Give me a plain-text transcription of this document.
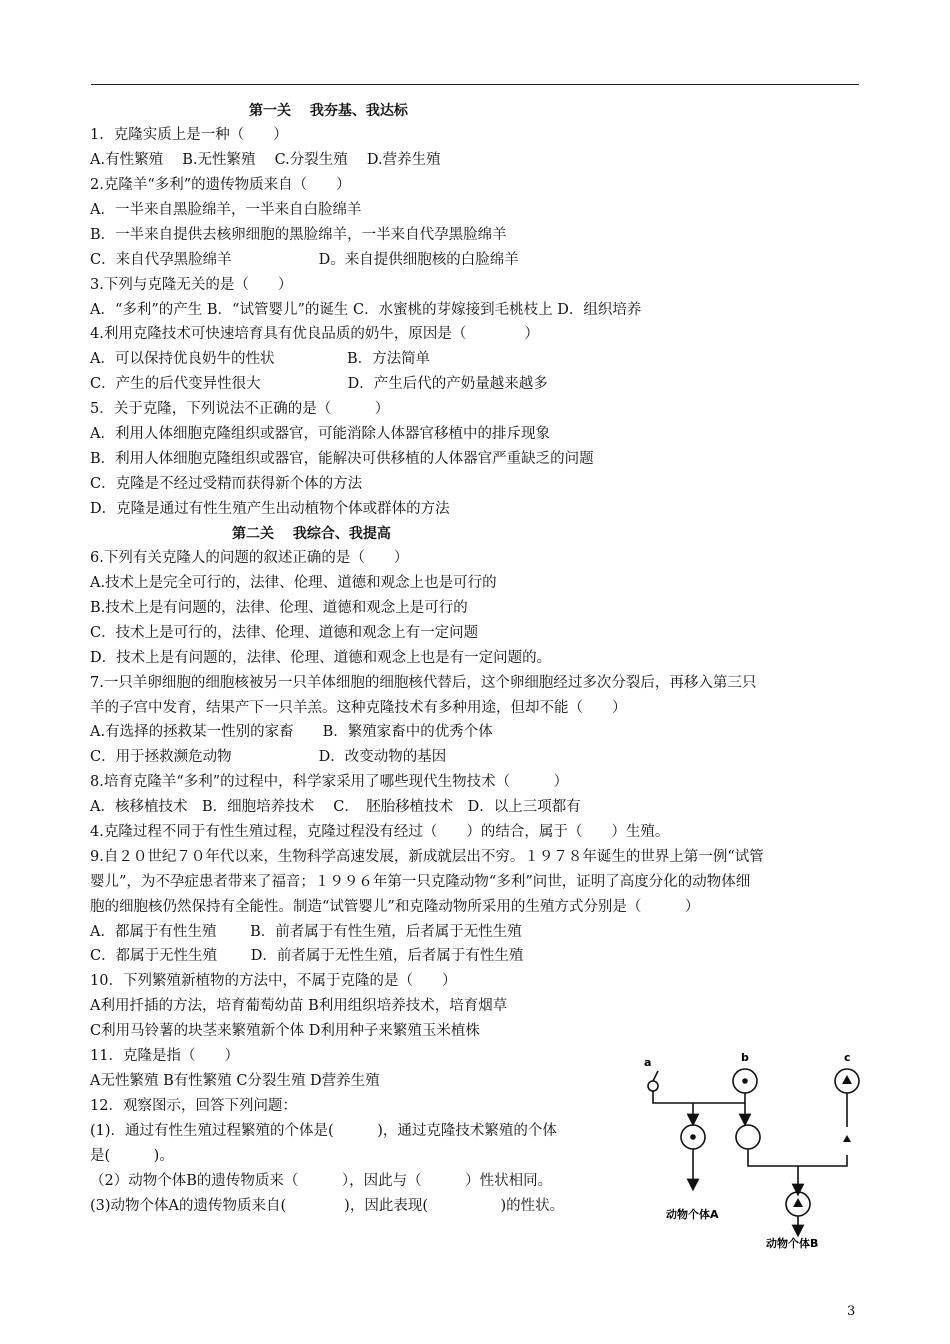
第一关　 我夯基、我达标
第二关　 我综合、我提高
1．克隆实质上是一种（　　）
A.有性繁殖　 B.无性繁殖　 C.分裂生殖　 D.营养生殖
2.克隆羊“多利”的遗传物质来自（　　）
A．一半来自黑脸绵羊，一半来自白脸绵羊
B．一半来自提供去核卵细胞的黑脸绵羊，一半来自代孕黑脸绵羊
C．来自代孕黑脸绵羊　　　　　　D。来自提供细胞核的白脸绵羊
3.下列与克隆无关的是（　　）
A．“多利”的产生 B．“试管婴儿”的诞生 C．水蜜桃的芽嫁接到毛桃枝上 D．组织培养
4.利用克隆技术可快速培育具有优良品质的奶牛，原因是（　　　　）
A．可以保持优良奶牛的性状　　　　　B．方法简单
C．产生的后代变异性很大　　　　　　D．产生后代的产奶量越来越多
5．关于克隆，下列说法不正确的是（　　　）
A．利用人体细胞克隆组织或器官，可能消除人体器官移植中的排斥现象
B．利用人体细胞克隆组织或器官，能解决可供移植的人体器官严重缺乏的问题
C．克隆是不经过受精而获得新个体的方法
D．克隆是通过有性生殖产生出动植物个体或群体的方法
6.下列有关克隆人的问题的叙述正确的是（　　）
A.技术上是完全可行的，法律、伦理、道德和观念上也是可行的
B.技术上是有问题的，法律、伦理、道德和观念上是可行的
C．技术上是可行的，法律、伦理、道德和观念上有一定问题
D．技术上是有问题的，法律、伦理、道德和观念上也是有一定问题的。
7.一只羊卵细胞的细胞核被另一只羊体细胞的细胞核代替后，这个卵细胞经过多次分裂后，再移入第三只
羊的子宫中发育，结果产下一只羊羔。这种克隆技术有多种用途，但却不能（　　）
A.有选择的拯救某一性别的家畜　　B．繁殖家畜中的优秀个体
C．用于拯救濒危动物　　　　　　D．改变动物的基因
8.培育克隆羊“多利”的过程中，科学家采用了哪些现代生物技术（　　　）
A．核移植技术　B．细胞培养技术　 C．　胚胎移植技术　D．以上三项都有
4.克隆过程不同于有性生殖过程，克隆过程没有经过（　　）的结合，属于（　　）生殖。
9.自２０世纪７０年代以来，生物科学高速发展，新成就层出不穷。１９７８年诞生的世界上第一例“试管
婴儿”，为不孕症患者带来了福音；１９９６年第一只克隆动物“多利”问世，证明了高度分化的动物体细
胞的细胞核仍然保持有全能性。制造“试管婴儿”和克隆动物所采用的生殖方式分别是（　　　）
A．都属于有性生殖　　 B．前者属于有性生殖，后者属于无性生殖
C．都属于无性生殖　　 D．前者属于无性生殖，后者属于有性生殖
10．下列繁殖新植物的方法中，不属于克隆的是（　　）
A利用扦插的方法，培育葡萄幼苗 B利用组织培养技术，培育烟草
C利用马铃薯的块茎来繁殖新个体 D利用种子来繁殖玉米植株
11．克隆是指（　　）
A无性繁殖 B有性繁殖 C分裂生殖 D营养生殖
12．观察图示，回答下列问题：
(1)．通过有性生殖过程繁殖的个体是(　　　)，通过克隆技术繁殖的个体
是(　　　)。
（2）动物个体B的遗传物质来（　　　），因此与（　　　）性状相同。
(3)动物个体A的遗传物质来自(　　　　)，因此表现(　　　　　)的性状。
a	b	c
动物个体A
动物个体B
3
